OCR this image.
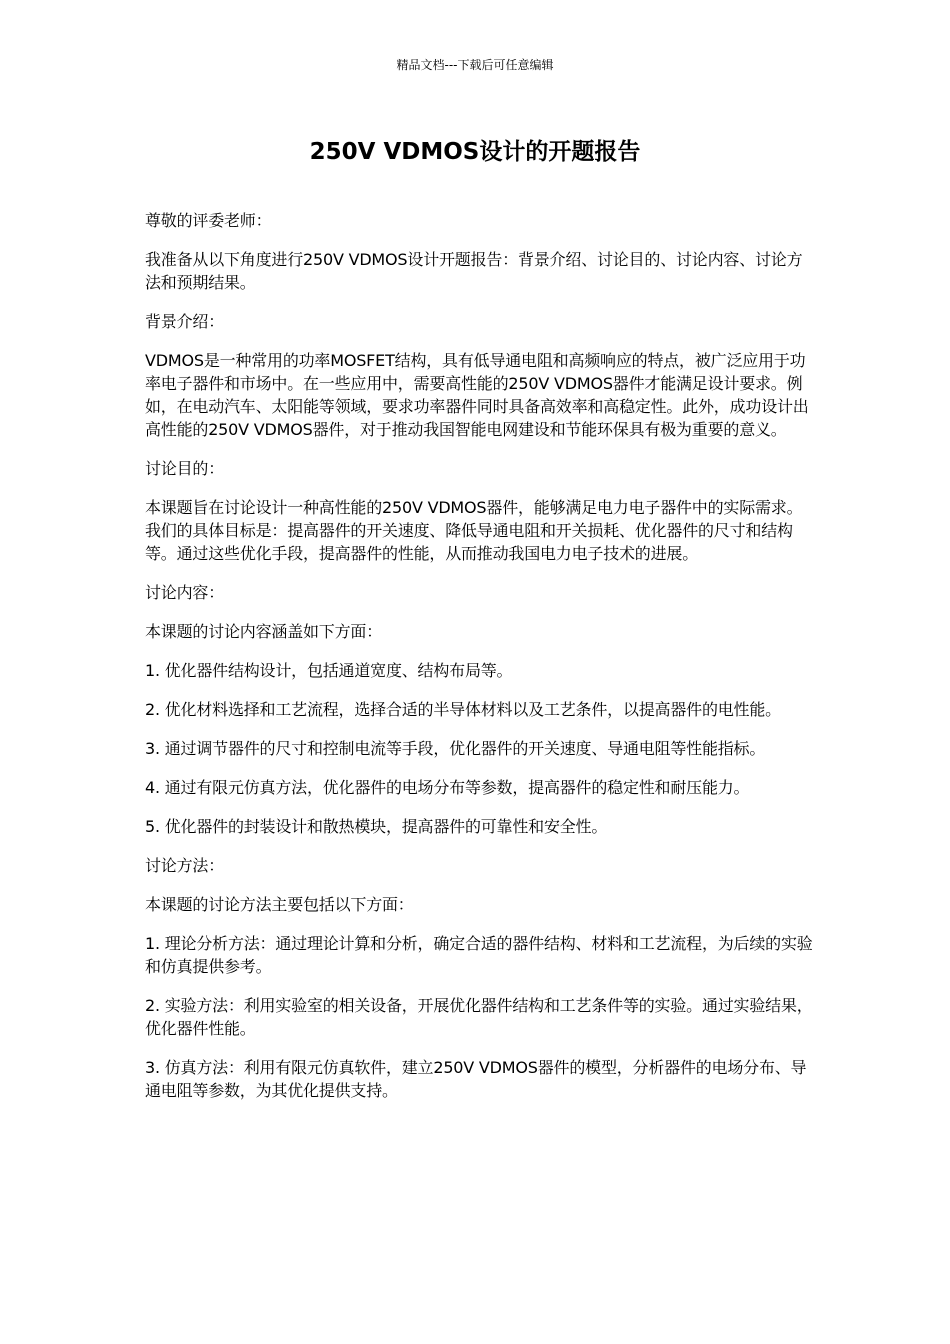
精品文档---下载后可任意编辑
250V VDMOS设计的开题报告

尊敬的评委老师：

我准备从以下角度进行250V VDMOS设计开题报告：背景介绍、讨论目的、讨论内容、讨论方法和预期结果。

背景介绍：

VDMOS是一种常用的功率MOSFET结构，具有低导通电阻和高频响应的特点，被广泛应用于功率电子器件和市场中。在一些应用中，需要高性能的250V VDMOS器件才能满足设计要求。例如，在电动汽车、太阳能等领域，要求功率器件同时具备高效率和高稳定性。此外，成功设计出高性能的250V VDMOS器件，对于推动我国智能电网建设和节能环保具有极为重要的意义。

讨论目的：

本课题旨在讨论设计一种高性能的250V VDMOS器件，能够满足电力电子器件中的实际需求。我们的具体目标是：提高器件的开关速度、降低导通电阻和开关损耗、优化器件的尺寸和结构等。通过这些优化手段，提高器件的性能，从而推动我国电力电子技术的进展。

讨论内容：

本课题的讨论内容涵盖如下方面：

1. 优化器件结构设计，包括通道宽度、结构布局等。

2. 优化材料选择和工艺流程，选择合适的半导体材料以及工艺条件，以提高器件的电性能。

3. 通过调节器件的尺寸和控制电流等手段，优化器件的开关速度、导通电阻等性能指标。

4. 通过有限元仿真方法，优化器件的电场分布等参数，提高器件的稳定性和耐压能力。

5. 优化器件的封装设计和散热模块，提高器件的可靠性和安全性。

讨论方法：

本课题的讨论方法主要包括以下方面：

1. 理论分析方法：通过理论计算和分析，确定合适的器件结构、材料和工艺流程，为后续的实验和仿真提供参考。

2. 实验方法：利用实验室的相关设备，开展优化器件结构和工艺条件等的实验。通过实验结果，优化器件性能。

3. 仿真方法：利用有限元仿真软件，建立250V VDMOS器件的模型，分析器件的电场分布、导通电阻等参数，为其优化提供支持。
